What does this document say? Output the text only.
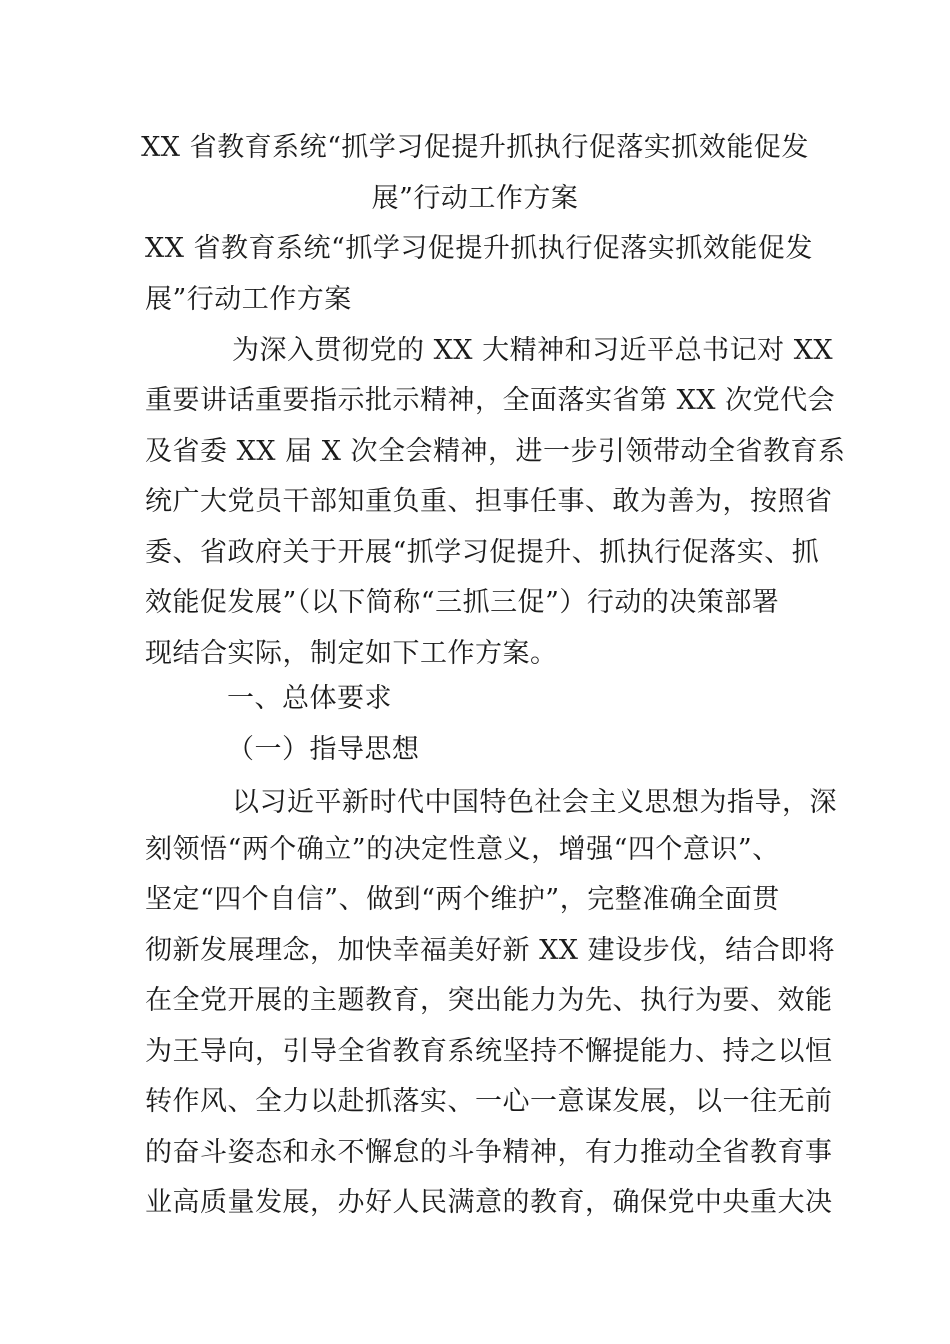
XX 省教育系统“抓学习促提升抓执行促落实抓效能促发
展”行动工作方案
XX 省教育系统“抓学习促提升抓执行促落实抓效能促发
展”行动工作方案
为深入贯彻党的 XX 大精神和习近平总书记对 XX
重要讲话重要指示批示精神，全面落实省第 XX 次党代会
及省委 XX 届 X 次全会精神，进一步引领带动全省教育系
统广大党员干部知重负重、担事任事、敢为善为，按照省
委、省政府关于开展“抓学习促提升、抓执行促落实、抓
效能促发展”（以下简称“三抓三促”）行动的决策部署
现结合实际，制定如下工作方案。
一、总体要求
（一）指导思想
以习近平新时代中国特色社会主义思想为指导，深
刻领悟“两个确立”的决定性意义，增强“四个意识”、
坚定“四个自信”、做到“两个维护”，完整准确全面贯
彻新发展理念，加快幸福美好新 XX 建设步伐，结合即将
在全党开展的主题教育，突出能力为先、执行为要、效能
为王导向，引导全省教育系统坚持不懈提能力、持之以恒
转作风、全力以赴抓落实、一心一意谋发展，以一往无前
的奋斗姿态和永不懈怠的斗争精神，有力推动全省教育事
业高质量发展，办好人民满意的教育，确保党中央重大决
